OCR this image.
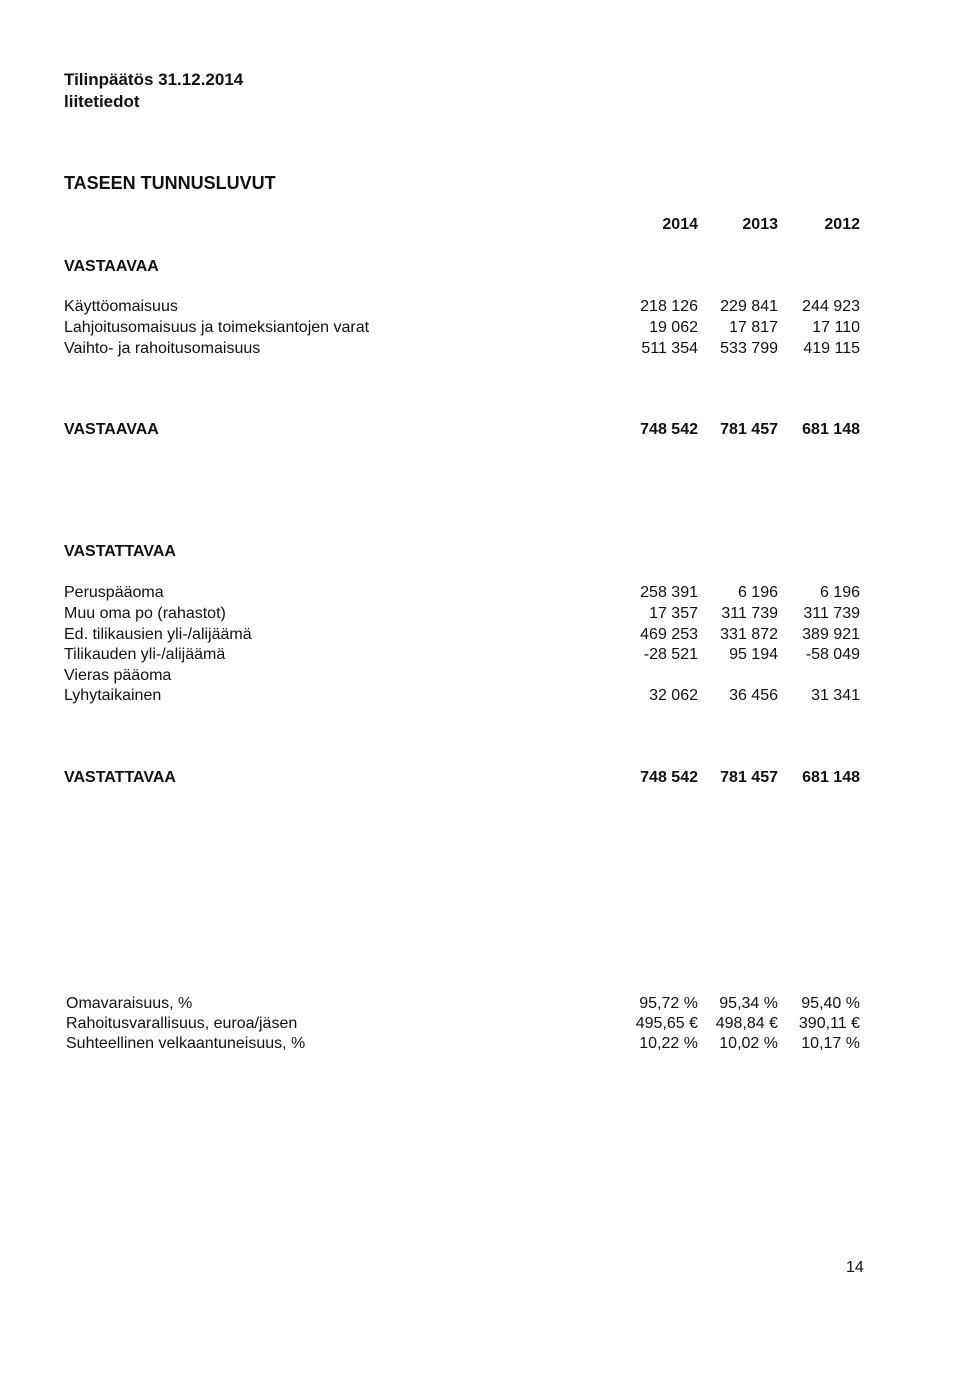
Tilinpäätös 31.12.2014
liitetiedot
TASEEN TUNNUSLUVUT
2014	2013	2012
VASTAAVAA
Käyttöomaisuus	218 126	229 841	244 923
Lahjoitusomaisuus ja toimeksiantojen varat	19 062	17 817	17 110
Vaihto- ja rahoitusomaisuus	511 354	533 799	419 115
VASTAAVAA	748 542	781 457	681 148
VASTATTAVAA
Peruspääoma	258 391	6 196	6 196
Muu oma po (rahastot)	17 357	311 739	311 739
Ed. tilikausien yli-/alijäämä	469 253	331 872	389 921
Tilikauden yli-/alijäämä	-28 521	95 194	-58 049
Vieras pääoma
Lyhytaikainen	32 062	36 456	31 341
VASTATTAVAA	748 542	781 457	681 148
Omavaraisuus, %	95,72 %	95,34 %	95,40 %
Rahoitusvarallisuus, euroa/jäsen	495,65 €	498,84 €	390,11 €
Suhteellinen velkaantuneisuus, %	10,22 %	10,02 %	10,17 %
14
